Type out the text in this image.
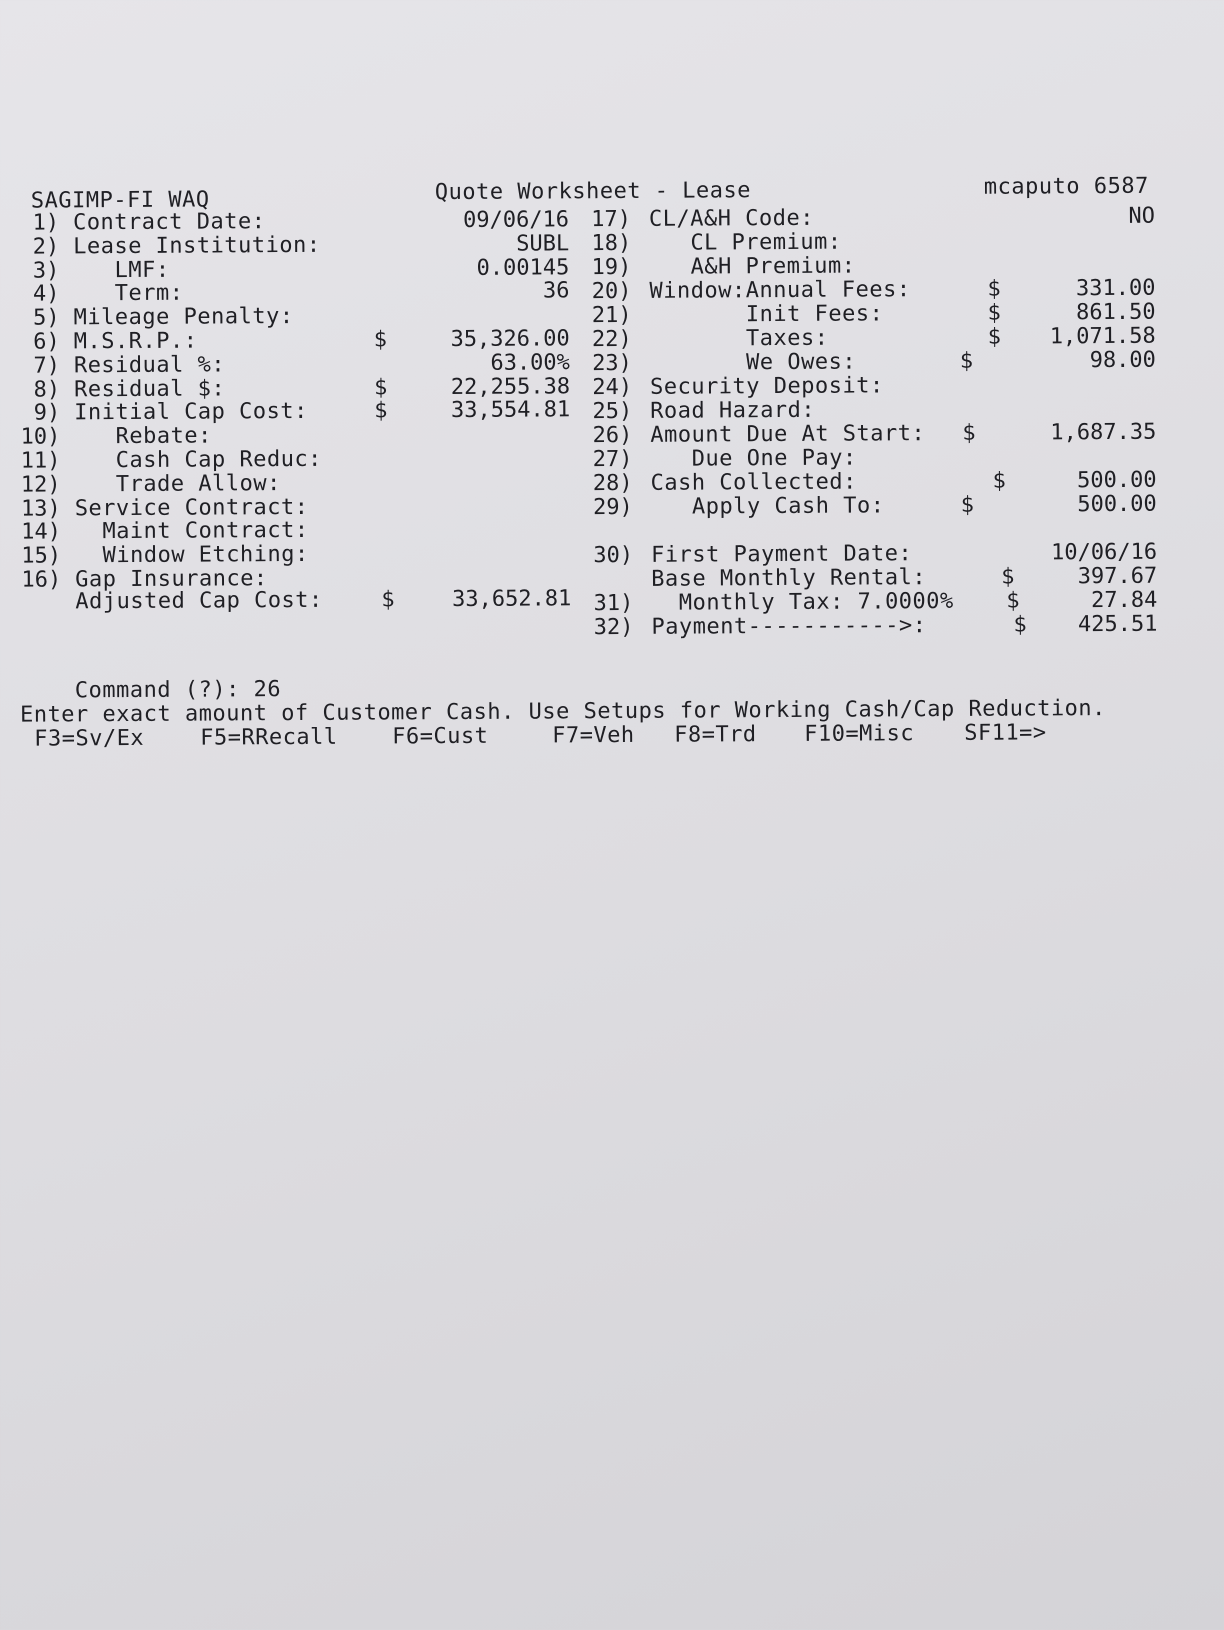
SAGIMP-FI WAQ	Quote Worksheet - Lease	mcaputo 6587
1) Contract Date:	09/06/16
2) Lease Institution:	SUBL
3) LMF:	0.00145
4) Term:	36
5) Mileage Penalty:
6) M.S.R.P.:	$	35,326.00
7) Residual %:	63.00%
8) Residual $:	$	22,255.38
9) Initial Cap Cost:	$	33,554.81
10) Rebate:
11) Cash Cap Reduc:
12) Trade Allow:
13) Service Contract:
14) Maint Contract:
15) Window Etching:
16) Gap Insurance:
Adjusted Cap Cost:	$	33,652.81
17) CL/A&H Code:	NO
18) CL Premium:
19) A&H Premium:
20) Window:Annual Fees:	$	331.00
21) Init Fees:	$	861.50
22) Taxes:	$	1,071.58
23) We Owes:	$	98.00
24) Security Deposit:
25) Road Hazard:
26) Amount Due At Start: $	1,687.35
27) Due One Pay:
28) Cash Collected:	$	500.00
29) Apply Cash To:	$	500.00
30) First Payment Date:	10/06/16
Base Monthly Rental:	$	397.67
31) Monthly Tax: 7.0000% $	27.84
32) Payment----------->:	$	425.51

Command (?): 26

Enter exact amount of Customer Cash. Use Setups for Working Cash/Cap Reduction.
F3=Sv/Ex	F5=RRecall F6=Cust	F7=Veh F8=Trd F10=Misc SF11=>
